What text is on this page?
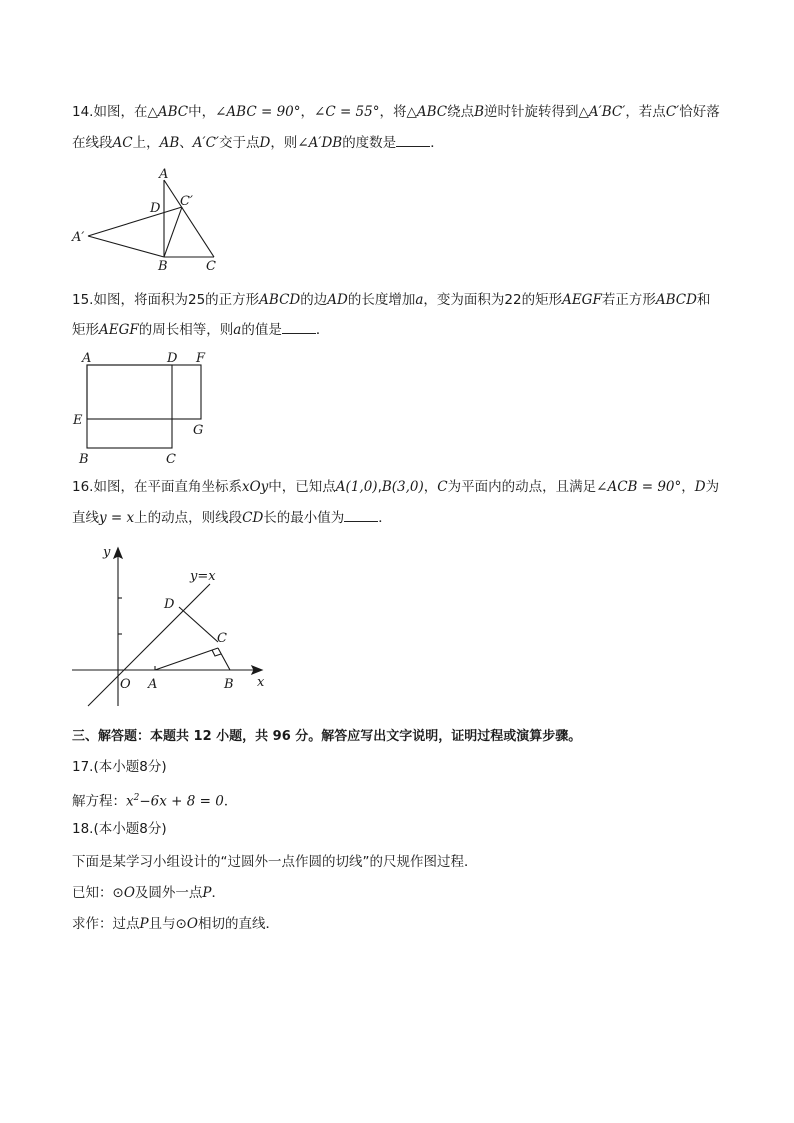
14.如图，在△ABC中，∠ABC = 90°，∠C = 55°，将△ABC绕点B逆时针旋转得到△A′BC′，若点C′恰好落
在线段AC上，AB、A′C′交于点D，则∠A′DB的度数是	．
A
C′
D
A′
B	C
15.如图，将面积为25的正方形ABCD的边AD的长度增加a，变为面积为22的矩形AEGF若正方形ABCD和
矩形AEGF的周长相等，则a的值是	．
A	D F
E
G
B	C
16.如图，在平面直角坐标系xOy中，已知点A(1,0),B(3,0)，C为平面内的动点，且满足∠ACB = 90°，D为
直线y = x上的动点，则线段CD长的最小值为	．
y
y=x
D
C
O A	B x
三、解答题：本题共 12 小题，共 96 分。解答应写出文字说明，证明过程或演算步骤。
17.(本小题8分)
解方程：$x^2-6x + 8 = 0$．
18.(本小题8分)
下面是某学习小组设计的“过圆外一点作圆的切线”的尺规作图过程．
已知：⊙O及圆外一点P．
求作：过点P且与⊙O相切的直线．
